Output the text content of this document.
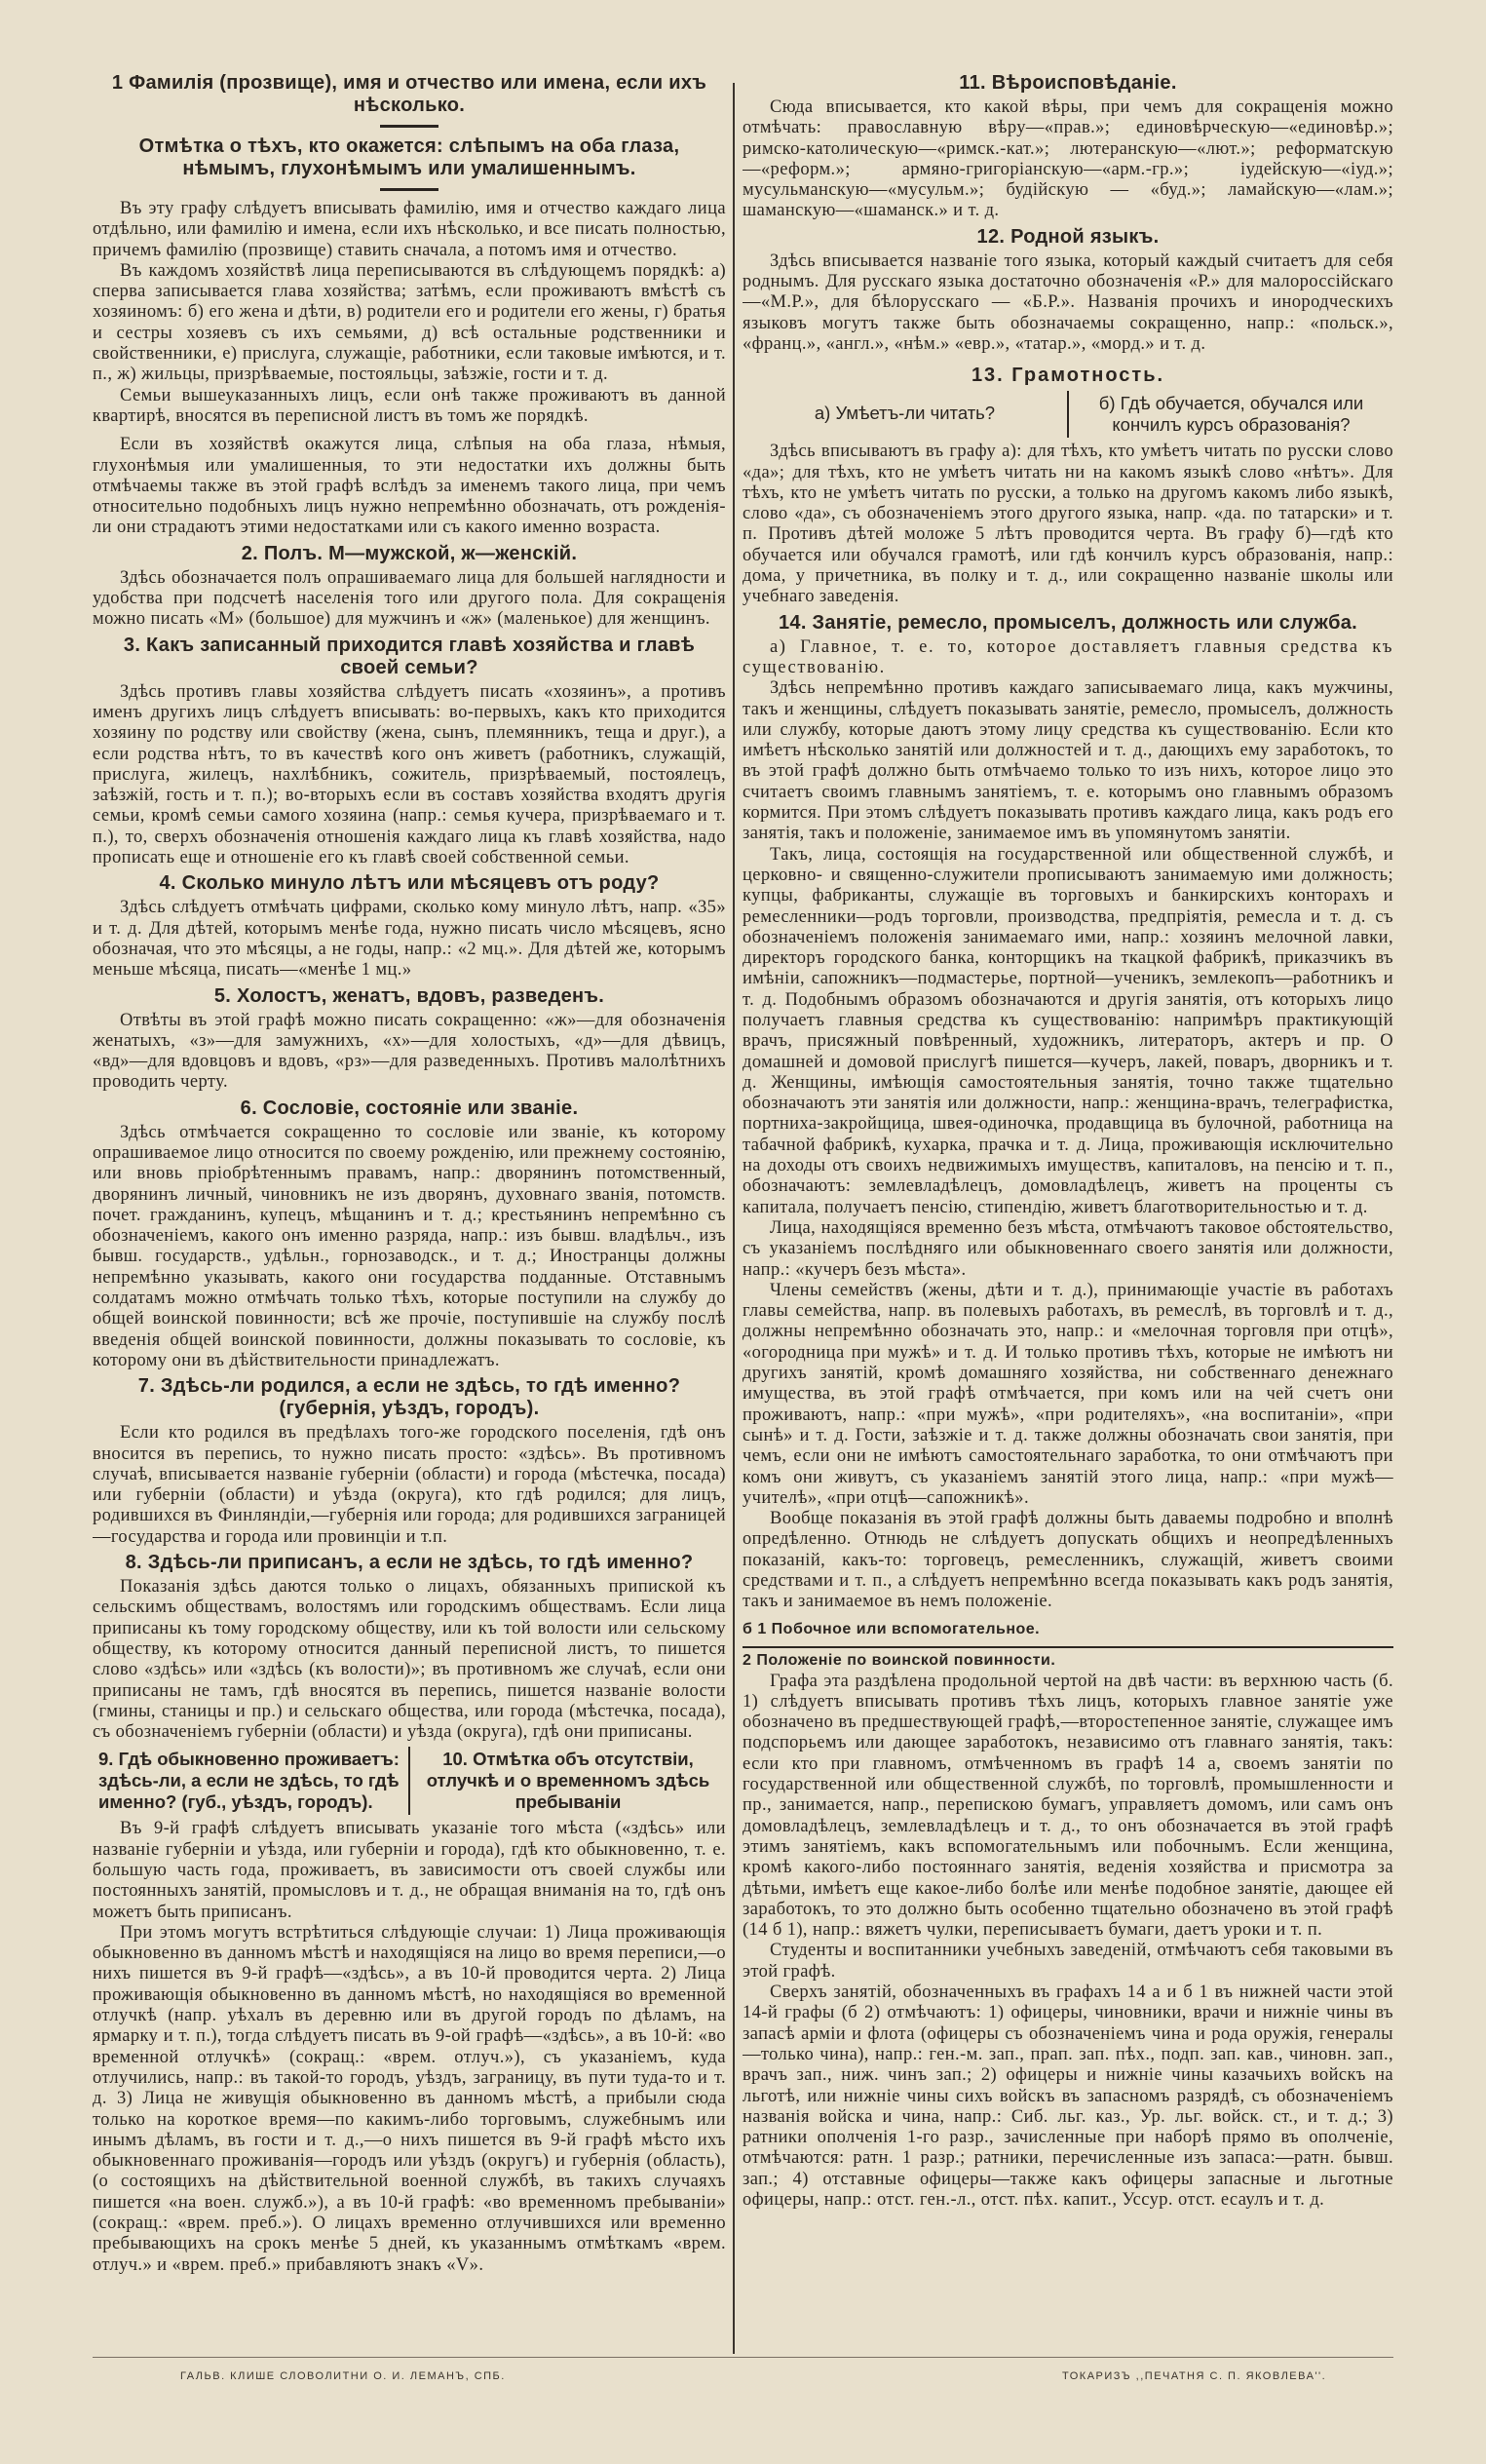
1 Фамилія (прозвище), имя и отчество или имена, если ихъ нѣсколько.
Отмѣтка о тѣхъ, кто окажется: слѣпымъ на оба глаза, нѣмымъ, глухонѣмымъ или умалишеннымъ.

Въ эту графу слѣдуетъ вписывать фамилію, имя и отчество каждаго лица отдѣльно, или фамилію и имена, если ихъ нѣсколько, и все писать полностью, причемъ фамилію (прозвище) ставить сначала, а потомъ имя и отчество.

Въ каждомъ хозяйствѣ лица переписываются въ слѣдующемъ порядкѣ: а) сперва записывается глава хозяйства; затѣмъ, если проживаютъ вмѣстѣ съ хозяиномъ: б) его жена и дѣти, в) родители его и родители его жены, г) братья и сестры хозяевъ съ ихъ семьями, д) всѣ остальные родственники и свойственники, е) прислуга, служащіе, работники, если таковые имѣются, и т. п., ж) жильцы, призрѣваемые, постояльцы, заѣзжіе, гости и т. д.

Семьи вышеуказанныхъ лицъ, если онѣ также проживаютъ въ данной квартирѣ, вносятся въ переписной листъ въ томъ же порядкѣ.

Если въ хозяйствѣ окажутся лица, слѣпыя на оба глаза, нѣмыя, глухонѣмыя или умалишенныя, то эти недостатки ихъ должны быть отмѣчаемы также въ этой графѣ вслѣдъ за именемъ такого лица, при чемъ относительно подобныхъ лицъ нужно непремѣнно обозначать, отъ рожденія-ли они страдаютъ этими недостатками или съ какого именно возраста.

2. Полъ. М—мужской, ж—женскій.

Здѣсь обозначается полъ опрашиваемаго лица для большей наглядности и удобства при подсчетѣ населенія того или другого пола. Для сокращенія можно писать «М» (большое) для мужчинъ и «ж» (маленькое) для женщинъ.

3. Какъ записанный приходится главѣ хозяйства и главѣ своей семьи?

Здѣсь противъ главы хозяйства слѣдуетъ писать «хозяинъ», а противъ именъ другихъ лицъ слѣдуетъ вписывать: во-первыхъ, какъ кто приходится хозяину по родству или свойству (жена, сынъ, племянникъ, теща и друг.), а если родства нѣтъ, то въ качествѣ кого онъ живетъ (работникъ, служащій, прислуга, жилецъ, нахлѣбникъ, сожитель, призрѣваемый, постоялецъ, заѣзжій, гость и т. п.); во-вторыхъ если въ составъ хозяйства входятъ другія семьи, кромѣ семьи самого хозяина (напр.: семья кучера, призрѣваемаго и т. п.), то, сверхъ обозначенія отношенія каждаго лица къ главѣ хозяйства, надо прописать еще и отношеніе его къ главѣ своей собственной семьи.

4. Сколько минуло лѣтъ или мѣсяцевъ отъ роду?

Здѣсь слѣдуетъ отмѣчать цифрами, сколько кому минуло лѣтъ, напр. «35» и т. д. Для дѣтей, которымъ менѣе года, нужно писать число мѣсяцевъ, ясно обозначая, что это мѣсяцы, а не годы, напр.: «2 мц.». Для дѣтей же, которымъ меньше мѣсяца, писать—«менѣе 1 мц.»

5. Холостъ, женатъ, вдовъ, разведенъ.

Отвѣты въ этой графѣ можно писать сокращенно: «ж»—для обозначенія женатыхъ, «з»—для замужнихъ, «х»—для холостыхъ, «д»—для дѣвицъ, «вд»—для вдовцовъ и вдовъ, «рз»—для разведенныхъ. Противъ малолѣтнихъ проводить черту.

6. Сословіе, состояніе или званіе.

Здѣсь отмѣчается сокращенно то сословіе или званіе, къ которому опрашиваемое лицо относится по своему рожденію, или прежнему состоянію, или вновь пріобрѣтеннымъ правамъ, напр.: дворянинъ потомственный, дворянинъ личный, чиновникъ не изъ дворянъ, духовнаго званія, потомств. почет. гражданинъ, купецъ, мѣщанинъ и т. д.; крестьянинъ непремѣнно съ обозначеніемъ, какого онъ именно разряда, напр.: изъ бывш. владѣльч., изъ бывш. государств., удѣльн., горнозаводск., и т. д.; Иностранцы должны непремѣнно указывать, какого они государства подданные. Отставнымъ солдатамъ можно отмѣчать только тѣхъ, которые поступили на службу до общей воинской повинности; всѣ же прочіе, поступившіе на службу послѣ введенія общей воинской повинности, должны показывать то сословіе, къ которому они въ дѣйствительности принадлежатъ.

7. Здѣсь-ли родился, а если не здѣсь, то гдѣ именно? (губернія, уѣздъ, городъ).

Если кто родился въ предѣлахъ того-же городского поселенія, гдѣ онъ вносится въ перепись, то нужно писать просто: «здѣсь». Въ противномъ случаѣ, вписывается названіе губерніи (области) и города (мѣстечка, посада) или губерніи (области) и уѣзда (округа), кто гдѣ родился; для лицъ, родившихся въ Финляндіи,—губернія или города; для родившихся заграницей—государства и города или провинціи и т.п.

8. Здѣсь-ли приписанъ, а если не здѣсь, то гдѣ именно?

Показанія здѣсь даются только о лицахъ, обязанныхъ припиской къ сельскимъ обществамъ, волостямъ или городскимъ обществамъ. Если лица приписаны къ тому городскому обществу, или къ той волости или сельскому обществу, къ которому относится данный переписной листъ, то пишется слово «здѣсь» или «здѣсь (къ волости)»; въ противномъ же случаѣ, если они приписаны не тамъ, гдѣ вносятся въ перепись, пишется названіе волости (гмины, станицы и пр.) и сельскаго общества, или города (мѣстечка, посада), съ обозначеніемъ губерніи (области) и уѣзда (округа), гдѣ они приписаны.

9. Гдѣ обыкновенно проживаетъ: здѣсь-ли, а если не здѣсь, то гдѣ именно? (губ., уѣздъ, городъ).
10. Отмѣтка объ отсутствіи, отлучкѣ и о временномъ здѣсь пребываніи

Въ 9-й графѣ слѣдуетъ вписывать указаніе того мѣста («здѣсь» или названіе губерніи и уѣзда, или губерніи и города), гдѣ кто обыкновенно, т. е. большую часть года, проживаетъ, въ зависимости отъ своей службы или постоянныхъ занятій, промысловъ и т. д., не обращая вниманія на то, гдѣ онъ можетъ быть приписанъ.

При этомъ могутъ встрѣтиться слѣдующіе случаи: 1) Лица проживающія обыкновенно въ данномъ мѣстѣ и находящіяся на лицо во время переписи,—о нихъ пишется въ 9-й графѣ—«здѣсь», а въ 10-й проводится черта. 2) Лица проживающія обыкновенно въ данномъ мѣстѣ, но находящіяся во временной отлучкѣ (напр. уѣхалъ въ деревню или въ другой городъ по дѣламъ, на ярмарку и т. п.), тогда слѣдуетъ писать въ 9-ой графѣ—«здѣсь», а въ 10-й: «во временной отлучкѣ» (сокращ.: «врем. отлуч.»), съ указаніемъ, куда отлучились, напр.: въ такой-то городъ, уѣздъ, заграницу, въ пути туда-то и т. д. 3) Лица не живущія обыкновенно въ данномъ мѣстѣ, а прибыли сюда только на короткое время—по какимъ-либо торговымъ, служебнымъ или инымъ дѣламъ, въ гости и т. д.,—о нихъ пишется въ 9-й графѣ мѣсто ихъ обыкновеннаго проживанія—городъ или уѣздъ (округъ) и губернія (область), (о состоящихъ на дѣйствительной военной службѣ, въ такихъ случаяхъ пишется «на воен. служб.»), а въ 10-й графѣ: «во временномъ пребываніи» (сокращ.: «врем. преб.»). О лицахъ временно отлучившихся или временно пребывающихъ на срокъ менѣе 5 дней, къ указаннымъ отмѣткамъ «врем. отлуч.» и «врем. преб.» прибавляютъ знакъ «V».

11. Вѣроисповѣданіе.

Сюда вписывается, кто какой вѣры, при чемъ для сокращенія можно отмѣчать: православную вѣру—«прав.»; единовѣрческую—«единовѣр.»; римско-католическую—«римск.-кат.»; лютеранскую—«лют.»; реформатскую—«реформ.»; армяно-григоріанскую—«арм.-гр.»; іудейскую—«іуд.»; мусульманскую—«мусульм.»; будійскую — «буд.»; ламайскую—«лам.»; шаманскую—«шаманск.» и т. д.

12. Родной языкъ.

Здѣсь вписывается названіе того языка, который каждый считаетъ для себя роднымъ. Для русскаго языка достаточно обозначенія «Р.» для малороссійскаго—«М.Р.», для бѣлорусскаго — «Б.Р.». Названія прочихъ и инородческихъ языковъ могутъ также быть обозначаемы сокращенно, напр.: «польск.», «франц.», «англ.», «нѣм.» «евр.», «татар.», «морд.» и т. д.

13. Грамотность.
а) Умѣетъ-ли читать?	б) Гдѣ обучается, обучался или кончилъ курсъ образованія?

Здѣсь вписываютъ въ графу а): для тѣхъ, кто умѣетъ читать по русски слово «да»; для тѣхъ, кто не умѣетъ читать ни на какомъ языкѣ слово «нѣтъ». Для тѣхъ, кто не умѣетъ читать по русски, а только на другомъ какомъ либо языкѣ, слово «да», съ обозначеніемъ этого другого языка, напр. «да. по татарски» и т. п. Противъ дѣтей моложе 5 лѣтъ проводится черта. Въ графу б)—гдѣ кто обучается или обучался грамотѣ, или гдѣ кончилъ курсъ образованія, напр.: дома, у причетника, въ полку и т. д., или сокращенно названіе школы или учебнаго заведенія.

14. Занятіе, ремесло, промыселъ, должность или служба.

а) Главное, т. е. то, которое доставляетъ главныя средства къ существованію.

Здѣсь непремѣнно противъ каждаго записываемаго лица, какъ мужчины, такъ и женщины, слѣдуетъ показывать занятіе, ремесло, промыселъ, должность или службу, которые даютъ этому лицу средства къ существованію. Если кто имѣетъ нѣсколько занятій или должностей и т. д., дающихъ ему заработокъ, то въ этой графѣ должно быть отмѣчаемо только то изъ нихъ, которое лицо это считаетъ своимъ главнымъ занятіемъ, т. е. которымъ оно главнымъ образомъ кормится. При этомъ слѣдуетъ показывать противъ каждаго лица, какъ родъ его занятія, такъ и положеніе, занимаемое имъ въ упомянутомъ занятіи.

Такъ, лица, состоящія на государственной или общественной службѣ, и церковно- и священно-служители прописываютъ занимаемую ими должность; купцы, фабриканты, служащіе въ торговыхъ и банкирскихъ конторахъ и ремесленники—родъ торговли, производства, предпріятія, ремесла и т. д. съ обозначеніемъ положенія занимаемаго ими, напр.: хозяинъ мелочной лавки, директоръ городского банка, конторщикъ на ткацкой фабрикѣ, приказчикъ въ имѣніи, сапожникъ—подмастерье, портной—ученикъ, землекопъ—работникъ и т. д. Подобнымъ образомъ обозначаются и другія занятія, отъ которыхъ лицо получаетъ главныя средства къ существованію: напримѣръ практикующій врачъ, присяжный повѣренный, художникъ, литераторъ, актеръ и пр. О домашней и домовой прислугѣ пишется—кучеръ, лакей, поваръ, дворникъ и т. д. Женщины, имѣющія самостоятельныя занятія, точно также тщательно обозначаютъ эти занятія или должности, напр.: женщина-врачъ, телеграфистка, портниха-закройщица, швея-одиночка, продавщица въ булочной, работница на табачной фабрикѣ, кухарка, прачка и т. д. Лица, проживающія исключительно на доходы отъ своихъ недвижимыхъ имуществъ, капиталовъ, на пенсію и т. п., обозначаютъ: землевладѣлецъ, домовладѣлецъ, живетъ на проценты съ капитала, получаетъ пенсію, стипендію, живетъ благотворительностью и т. д.

Лица, находящіяся временно безъ мѣста, отмѣчаютъ таковое обстоятельство, съ указаніемъ послѣдняго или обыкновеннаго своего занятія или должности, напр.: «кучеръ безъ мѣста».

Члены семействъ (жены, дѣти и т. д.), принимающіе участіе въ работахъ главы семейства, напр. въ полевыхъ работахъ, въ ремеслѣ, въ торговлѣ и т. д., должны непремѣнно обозначать это, напр.: и «мелочная торговля при отцѣ», «огородница при мужѣ» и т. д. И только противъ тѣхъ, которые не имѣютъ ни другихъ занятій, кромѣ домашняго хозяйства, ни собственнаго денежнаго имущества, въ этой графѣ отмѣчается, при комъ или на чей счетъ они проживаютъ, напр.: «при мужѣ», «при родителяхъ», «на воспитаніи», «при сынѣ» и т. д. Гости, заѣзжіе и т. д. также должны обозначать свои занятія, при чемъ, если они не имѣютъ самостоятельнаго заработка, то они отмѣчаютъ при комъ они живутъ, съ указаніемъ занятій этого лица, напр.: «при мужѣ—учителѣ», «при отцѣ—сапожникѣ».

Вообще показанія въ этой графѣ должны быть даваемы подробно и вполнѣ опредѣленно. Отнюдь не слѣдуетъ допускать общихъ и неопредѣленныхъ показаній, какъ-то: торговецъ, ремесленникъ, служащій, живетъ своими средствами и т. п., а слѣдуетъ непремѣнно всегда показывать какъ родъ занятія, такъ и занимаемое въ немъ положеніе.

б 1 Побочное или вспомогательное.
2 Положеніе по воинской повинности.

Графа эта раздѣлена продольной чертой на двѣ части: въ верхнюю часть (б. 1) слѣдуетъ вписывать противъ тѣхъ лицъ, которыхъ главное занятіе уже обозначено въ предшествующей графѣ,—второстепенное занятіе, служащее имъ подспорьемъ или дающее заработокъ, независимо отъ главнаго занятія, такъ: если кто при главномъ, отмѣченномъ въ графѣ 14 а, своемъ занятіи по государственной или общественной службѣ, по торговлѣ, промышленности и пр., занимается, напр., перепискою бумагъ, управляетъ домомъ, или самъ онъ домовладѣлецъ, землевладѣлецъ и т. д., то онъ обозначается въ этой графѣ этимъ занятіемъ, какъ вспомогательнымъ или побочнымъ. Если женщина, кромѣ какого-либо постояннаго занятія, веденія хозяйства и присмотра за дѣтьми, имѣетъ еще какое-либо болѣе или менѣе подобное занятіе, дающее ей заработокъ, то это должно быть особенно тщательно обозначено въ этой графѣ (14 б 1), напр.: вяжетъ чулки, переписываетъ бумаги, даетъ уроки и т. п.

Студенты и воспитанники учебныхъ заведеній, отмѣчаютъ себя таковыми въ этой графѣ.

Сверхъ занятій, обозначенныхъ въ графахъ 14 а и б 1 въ нижней части этой 14-й графы (б 2) отмѣчаютъ: 1) офицеры, чиновники, врачи и нижніе чины въ запасѣ арміи и флота (офицеры съ обозначеніемъ чина и рода оружія, генералы—только чина), напр.: ген.-м. зап., прап. зап. пѣх., подп. зап. кав., чиновн. зап., врачъ зап., ниж. чинъ зап.; 2) офицеры и нижніе чины казачьихъ войскъ на льготѣ, или нижніе чины сихъ войскъ въ запасномъ разрядѣ, съ обозначеніемъ названія войска и чина, напр.: Сиб. льг. каз., Ур. льг. войск. ст., и т. д.; 3) ратники ополченія 1-го разр., зачисленные при наборѣ прямо въ ополченіе, отмѣчаются: ратн. 1 разр.; ратники, перечисленные изъ запаса:—ратн. бывш. зап.; 4) отставные офицеры—также какъ офицеры запасные и льготные офицеры, напр.: отст. ген.-л., отст. пѣх. капит., Уссур. отст. есаулъ и т. д.

ГАЛЬВ. КЛИШЕ СЛОВОЛИТНИ О. И. ЛЕМАНЪ, СПБ.	ТОКАРИЗЪ ,,ПЕЧАТНЯ С. П. ЯКОВЛЕВА''.
